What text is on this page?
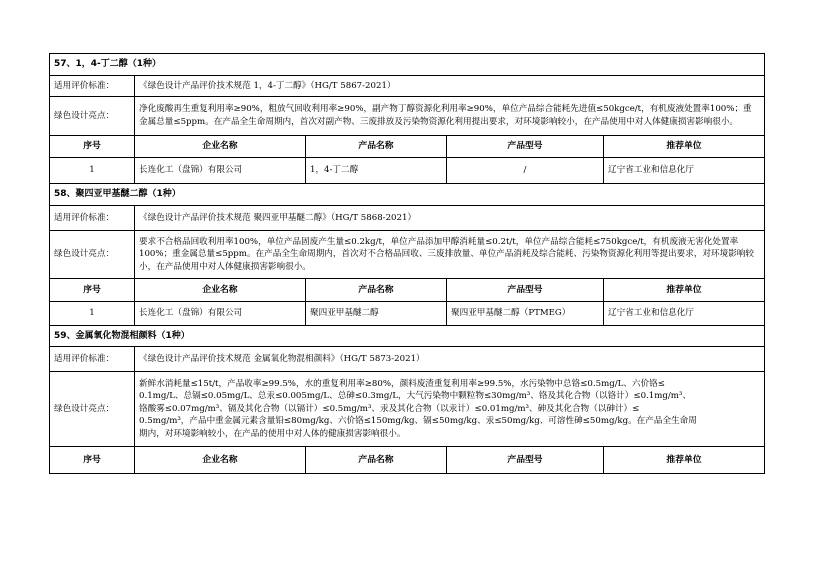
57、1，4-丁二醇（1种）				
适用评价标准：	《绿色设计产品评价技术规范 1，4-丁二醇》（HG/T 5867-2021）			
绿色设计亮点：	净化废酸再生重复利用率≥90%，粗放气回收利用率≥90%，副产物丁醇资源化利用率≥90%，单位产品综合能耗先进值≤50kgce/t，有机废液处置率100%；重金属总量≤5ppm。在产品全生命周期内，首次对副产物、三废排放及污染物资源化利用提出要求，对环境影响较小，在产品使用中对人体健康损害影响很小。			
序号	企业名称	产品名称	产品型号	推荐单位
1	长连化工（盘锦）有限公司	1，4-丁二醇	/	辽宁省工业和信息化厅
58、聚四亚甲基醚二醇（1种）				
适用评价标准：	《绿色设计产品评价技术规范 聚四亚甲基醚二醇》（HG/T 5868-2021）			
绿色设计亮点：	要求不合格品回收利用率100%，单位产品固废产生量≤0.2kg/t，单位产品添加甲醇消耗量≤0.2t/t，单位产品综合能耗≤750kgce/t，有机废液无害化处置率100%；重金属总量≤5ppm。在产品全生命周期内，首次对不合格品回收、三废排放量、单位产品消耗及综合能耗、污染物资源化利用等提出要求，对环境影响较小，在产品使用中对人体健康损害影响很小。			
序号	企业名称	产品名称	产品型号	推荐单位
1	长连化工（盘锦）有限公司	聚四亚甲基醚二醇	聚四亚甲基醚二醇（PTMEG）	辽宁省工业和信息化厅
59、金属氧化物混相颜料（1种）				
适用评价标准：	《绿色设计产品评价技术规范 金属氧化物混相颜料》（HG/T 5873-2021）			
绿色设计亮点：	新鲜水消耗量≤15t/t，产品收率≥99.5%，水的重复利用率≥80%，颜料废渣重复利用率≥99.5%，水污染物中总铬≤0.5mg/L、六价铬≤
0.1mg/L、总镉≤0.05mg/L、总汞≤0.005mg/L、总砷≤0.3mg/L，大气污染物中颗粒物≤30mg/m³、铬及其化合物（以铬计）≤0.1mg/m³、
铬酸雾≤0.07mg/m³、镉及其化合物（以镉计）≤0.5mg/m³、汞及其化合物（以汞计）≤0.01mg/m³、砷及其化合物（以砷计）≤
0.5mg/m³，产品中重金属元素含量铅≤80mg/kg、六价铬≤150mg/kg、镉≤50mg/kg、汞≤50mg/kg、可溶性砷≤50mg/kg。在产品全生命周
期内，对环境影响较小，在产品的使用中对人体的健康损害影响很小。			

序号	企业名称	产品名称	产品型号	推荐单位
